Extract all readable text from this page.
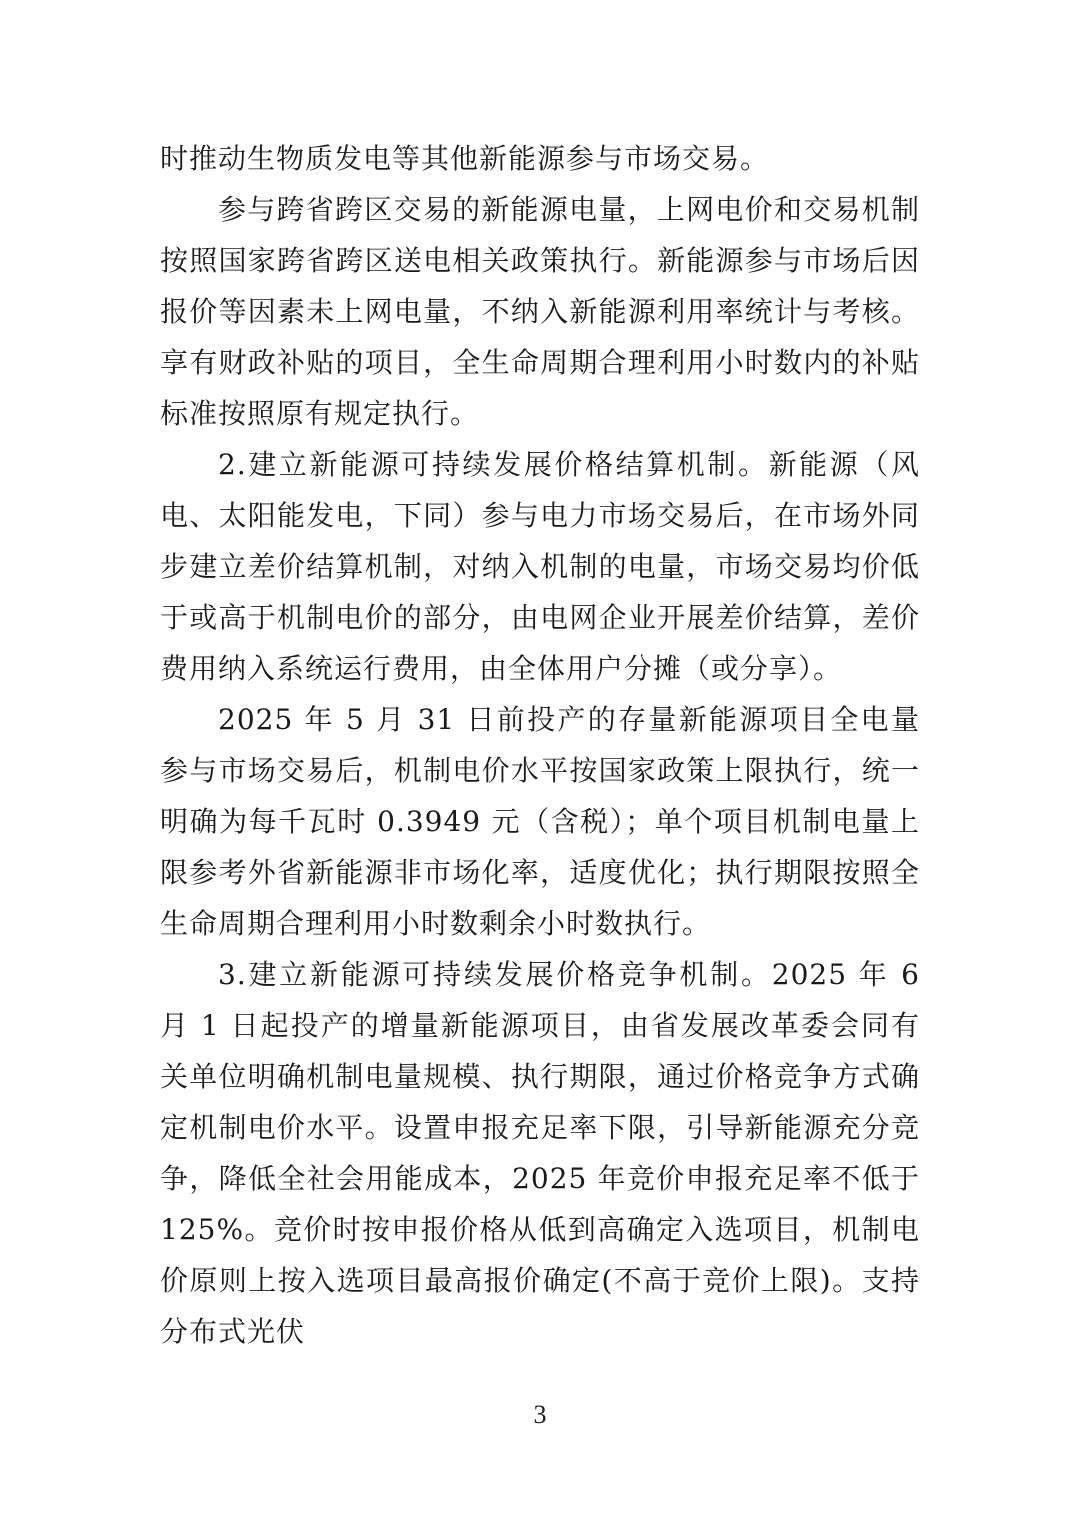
时推动生物质发电等其他新能源参与市场交易。

参与跨省跨区交易的新能源电量，上网电价和交易机制按照国家跨省跨区送电相关政策执行。新能源参与市场后因报价等因素未上网电量，不纳入新能源利用率统计与考核。享有财政补贴的项目，全生命周期合理利用小时数内的补贴标准按照原有规定执行。

2.建立新能源可持续发展价格结算机制。新能源（风电、太阳能发电，下同）参与电力市场交易后，在市场外同步建立差价结算机制，对纳入机制的电量，市场交易均价低于或高于机制电价的部分，由电网企业开展差价结算，差价费用纳入系统运行费用，由全体用户分摊（或分享）。

2025 年 5 月 31 日前投产的存量新能源项目全电量参与市场交易后，机制电价水平按国家政策上限执行，统一明确为每千瓦时 0.3949 元（含税）；单个项目机制电量上限参考外省新能源非市场化率，适度优化；执行期限按照全生命周期合理利用小时数剩余小时数执行。

3.建立新能源可持续发展价格竞争机制。2025 年 6 月 1 日起投产的增量新能源项目，由省发展改革委会同有关单位明确机制电量规模、执行期限，通过价格竞争方式确定机制电价水平。设置申报充足率下限，引导新能源充分竞争，降低全社会用能成本，2025 年竞价申报充足率不低于 125%。竞价时按申报价格从低到高确定入选项目，机制电价原则上按入选项目最高报价确定(不高于竞价上限)。支持分布式光伏

3
